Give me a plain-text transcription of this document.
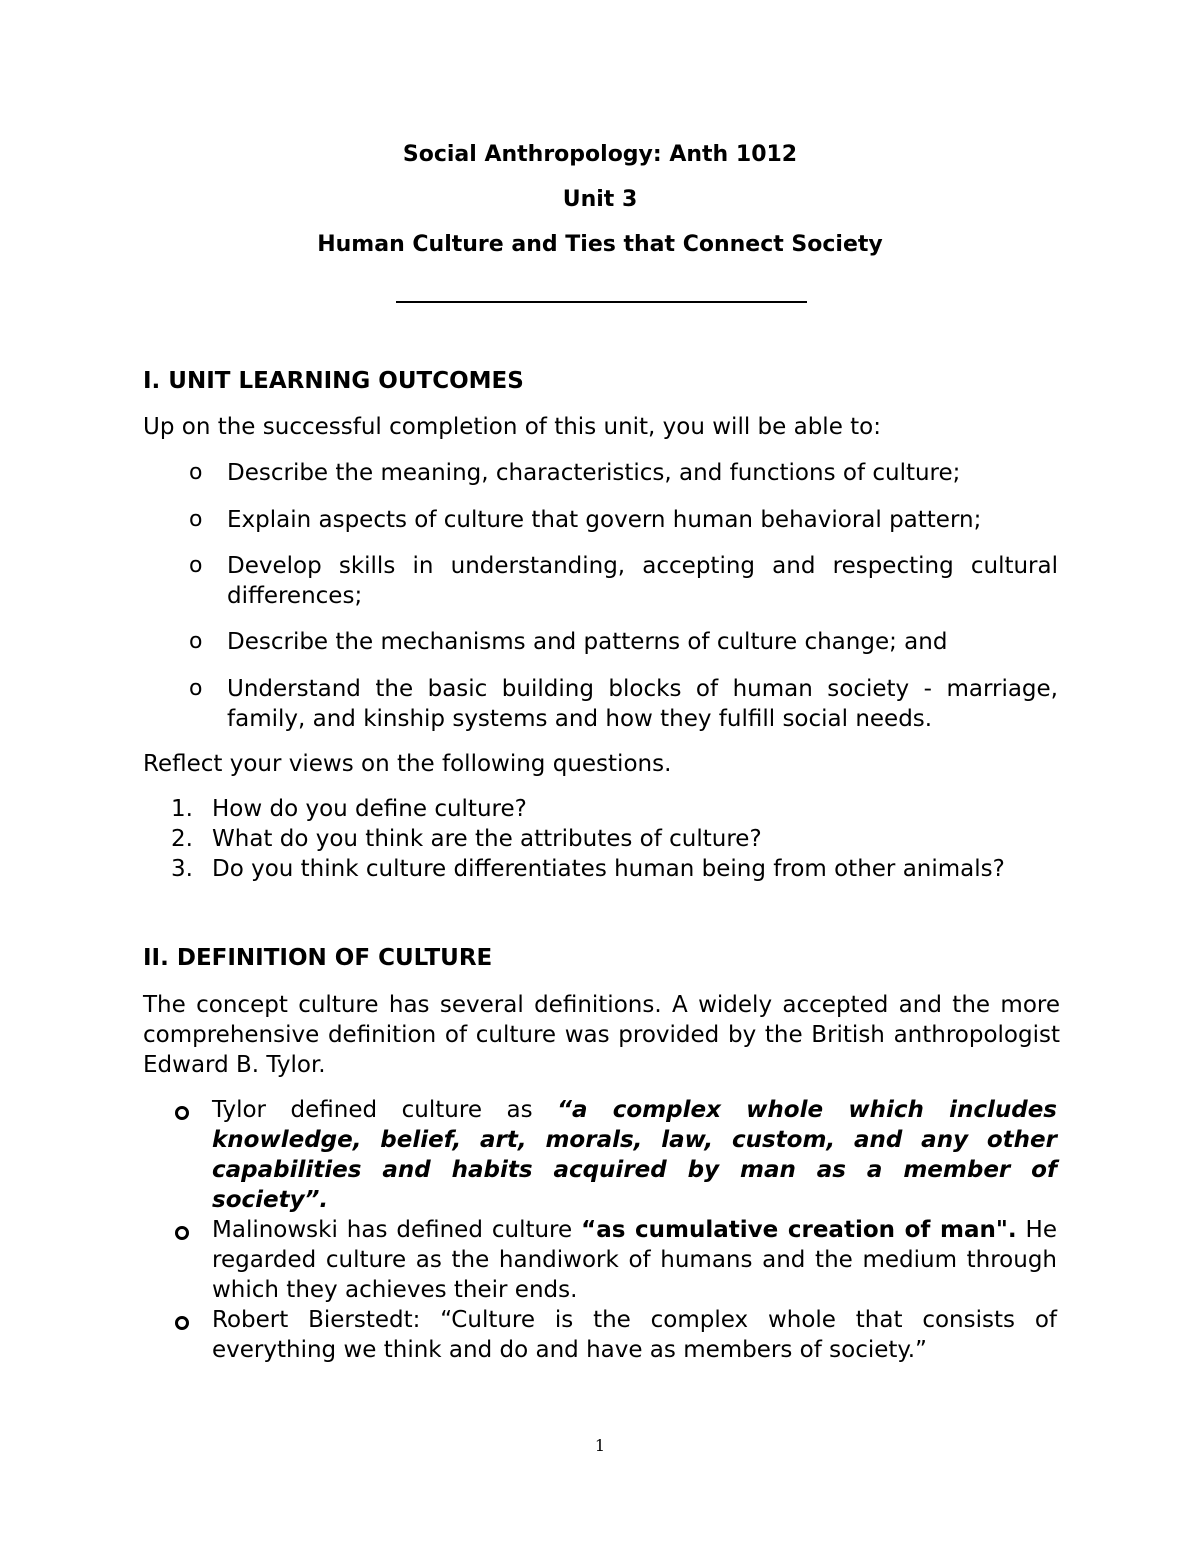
Social Anthropology: Anth 1012
Unit 3
Human Culture and Ties that Connect Society
I. UNIT LEARNING OUTCOMES
Up on the successful completion of this unit, you will be able to:
o Describe the meaning, characteristics, and functions of culture;
o Explain aspects of culture that govern human behavioral pattern;
o Develop skills in understanding, accepting and respecting cultural differences;
o Describe the mechanisms and patterns of culture change; and
o Understand the basic building blocks of human society - marriage, family, and kinship systems and how they fulfill social needs.
Reflect your views on the following questions.
1. How do you define culture?
2. What do you think are the attributes of culture?
3. Do you think culture differentiates human being from other animals?
II. DEFINITION OF CULTURE
The concept culture has several definitions. A widely accepted and the more comprehensive definition of culture was provided by the British anthropologist Edward B. Tylor.
Tylor defined culture as “a complex whole which includes knowledge, belief, art, morals, law, custom, and any other capabilities and habits acquired by man as a member of society”.
Malinowski has defined culture “as cumulative creation of man". He regarded culture as the handiwork of humans and the medium through which they achieves their ends.
Robert Bierstedt: “Culture is the complex whole that consists of everything we think and do and have as members of society.”
1
